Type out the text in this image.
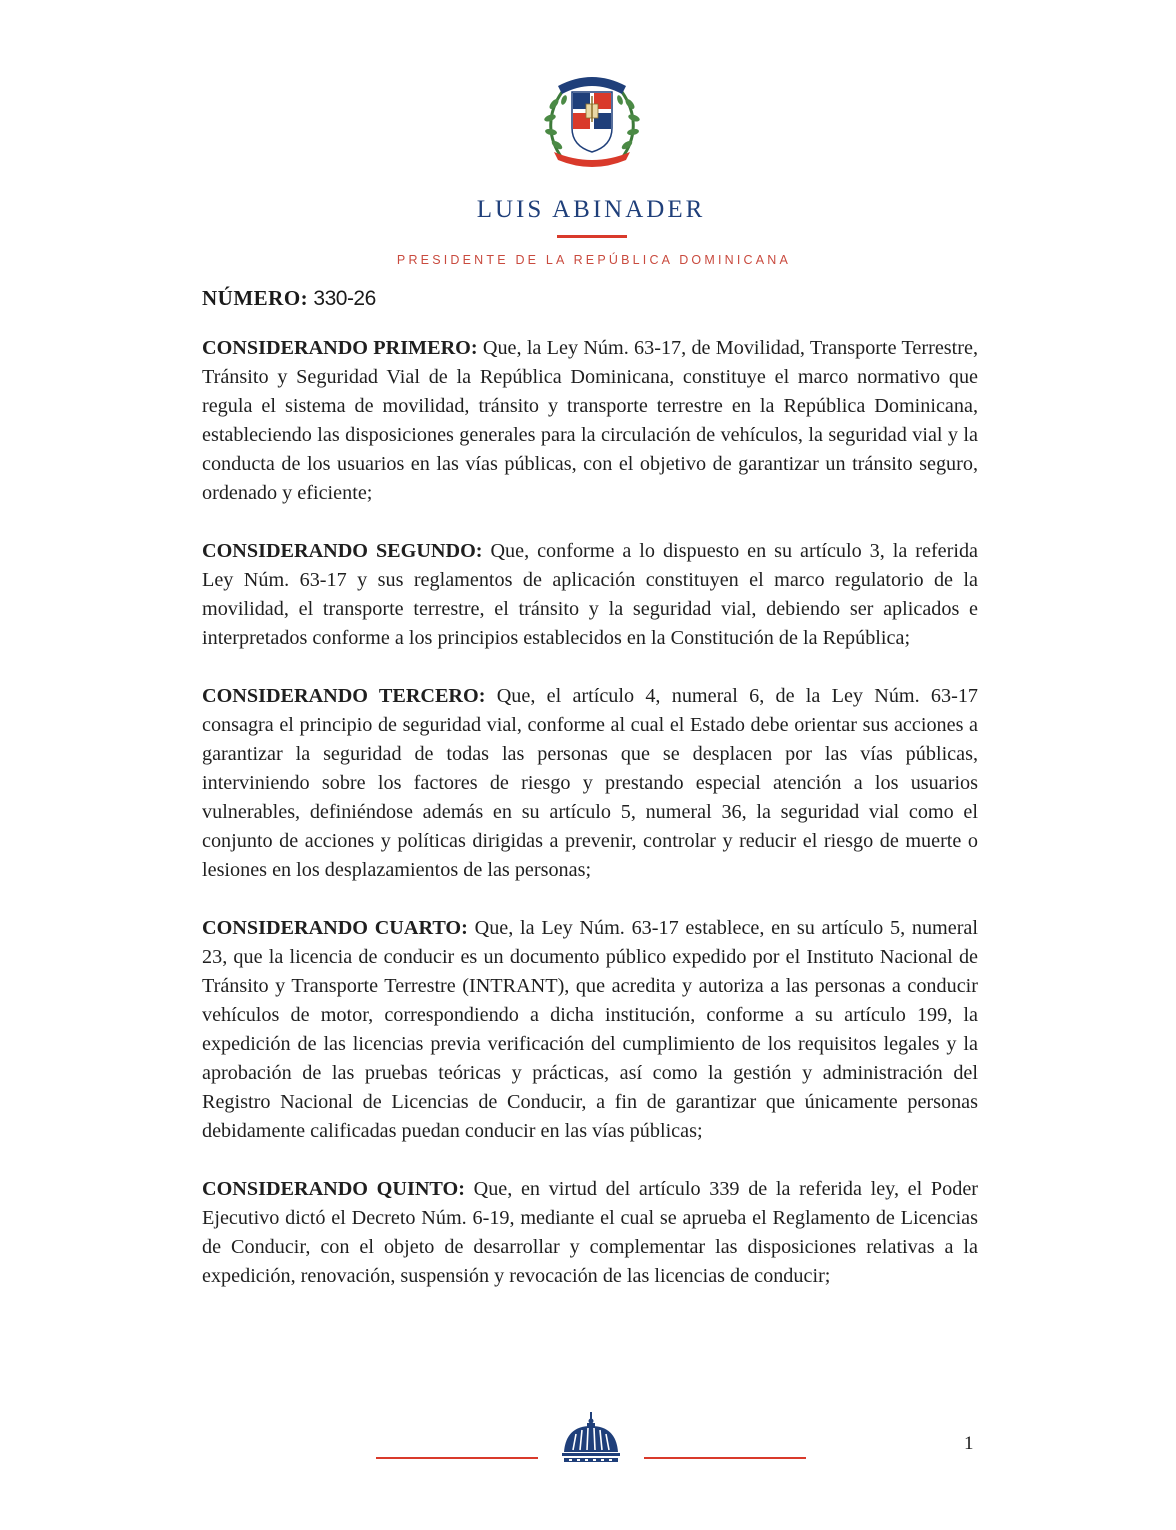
LUIS ABINADER
PRESIDENTE DE LA REPÚBLICA DOMINICANA
NÚMERO: 330-26

CONSIDERANDO PRIMERO: Que, la Ley Núm. 63-17, de Movilidad, Transporte Terrestre, Tránsito y Seguridad Vial de la República Dominicana, constituye el marco normativo que regula el sistema de movilidad, tránsito y transporte terrestre en la República Dominicana, estableciendo las disposiciones generales para la circulación de vehículos, la seguridad vial y la conducta de los usuarios en las vías públicas, con el objetivo de garantizar un tránsito seguro, ordenado y eficiente;

CONSIDERANDO SEGUNDO: Que, conforme a lo dispuesto en su artículo 3, la referida Ley Núm. 63-17 y sus reglamentos de aplicación constituyen el marco regulatorio de la movilidad, el transporte terrestre, el tránsito y la seguridad vial, debiendo ser aplicados e interpretados conforme a los principios establecidos en la Constitución de la República;

CONSIDERANDO TERCERO: Que, el artículo 4, numeral 6, de la Ley Núm. 63-17 consagra el principio de seguridad vial, conforme al cual el Estado debe orientar sus acciones a garantizar la seguridad de todas las personas que se desplacen por las vías públicas, interviniendo sobre los factores de riesgo y prestando especial atención a los usuarios vulnerables, definiéndose además en su artículo 5, numeral 36, la seguridad vial como el conjunto de acciones y políticas dirigidas a prevenir, controlar y reducir el riesgo de muerte o lesiones en los desplazamientos de las personas;

CONSIDERANDO CUARTO: Que, la Ley Núm. 63-17 establece, en su artículo 5, numeral 23, que la licencia de conducir es un documento público expedido por el Instituto Nacional de Tránsito y Transporte Terrestre (INTRANT), que acredita y autoriza a las personas a conducir vehículos de motor, correspondiendo a dicha institución, conforme a su artículo 199, la expedición de las licencias previa verificación del cumplimiento de los requisitos legales y la aprobación de las pruebas teóricas y prácticas, así como la gestión y administración del Registro Nacional de Licencias de Conducir, a fin de garantizar que únicamente personas debidamente calificadas puedan conducir en las vías públicas;

CONSIDERANDO QUINTO: Que, en virtud del artículo 339 de la referida ley, el Poder Ejecutivo dictó el Decreto Núm. 6-19, mediante el cual se aprueba el Reglamento de Licencias de Conducir, con el objeto de desarrollar y complementar las disposiciones relativas a la expedición, renovación, suspensión y revocación de las licencias de conducir;

1
